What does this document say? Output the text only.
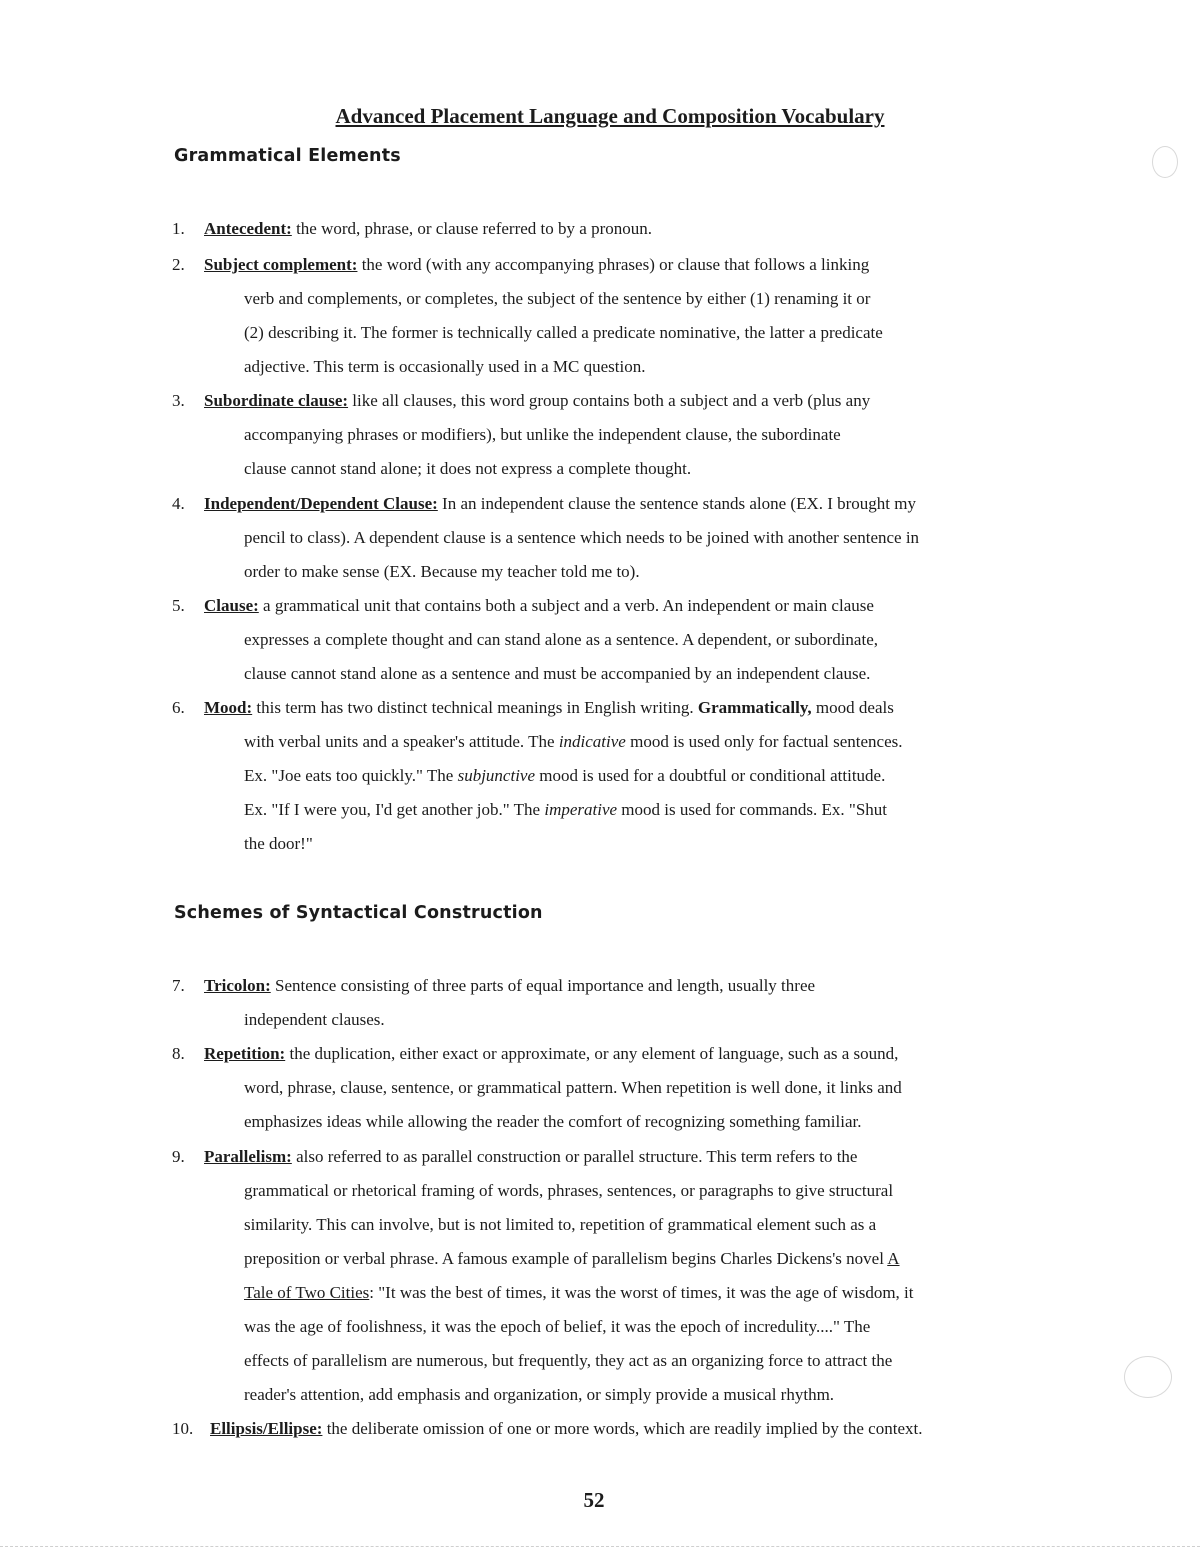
Advanced Placement Language and Composition Vocabulary
Grammatical Elements
1.	Antecedent: the word, phrase, or clause referred to by a pronoun.
2.	Subject complement: the word (with any accompanying phrases) or clause that follows a linking
verb and complements, or completes, the subject of the sentence by either (1) renaming it or
(2) describing it. The former is technically called a predicate nominative, the latter a predicate
adjective. This term is occasionally used in a MC question.
3.	Subordinate clause: like all clauses, this word group contains both a subject and a verb (plus any
accompanying phrases or modifiers), but unlike the independent clause, the subordinate
clause cannot stand alone; it does not express a complete thought.
4.	Independent/Dependent Clause: In an independent clause the sentence stands alone (EX. I brought my
pencil to class). A dependent clause is a sentence which needs to be joined with another sentence in
order to make sense (EX. Because my teacher told me to).
5.	Clause: a grammatical unit that contains both a subject and a verb. An independent or main clause
expresses a complete thought and can stand alone as a sentence. A dependent, or subordinate,
clause cannot stand alone as a sentence and must be accompanied by an independent clause.
6.	Mood: this term has two distinct technical meanings in English writing. Grammatically, mood deals
with verbal units and a speaker's attitude. The indicative mood is used only for factual sentences.
Ex. "Joe eats too quickly." The subjunctive mood is used for a doubtful or conditional attitude.
Ex. "If I were you, I'd get another job." The imperative mood is used for commands. Ex. "Shut
the door!"
Schemes of Syntactical Construction
7.	Tricolon: Sentence consisting of three parts of equal importance and length, usually three
independent clauses.
8.	Repetition: the duplication, either exact or approximate, or any element of language, such as a sound,
word, phrase, clause, sentence, or grammatical pattern. When repetition is well done, it links and
emphasizes ideas while allowing the reader the comfort of recognizing something familiar.
9.	Parallelism: also referred to as parallel construction or parallel structure. This term refers to the
grammatical or rhetorical framing of words, phrases, sentences, or paragraphs to give structural
similarity. This can involve, but is not limited to, repetition of grammatical element such as a
preposition or verbal phrase. A famous example of parallelism begins Charles Dickens's novel A
Tale of Two Cities: "It was the best of times, it was the worst of times, it was the age of wisdom, it
was the age of foolishness, it was the epoch of belief, it was the epoch of incredulity...." The
effects of parallelism are numerous, but frequently, they act as an organizing force to attract the
reader's attention, add emphasis and organization, or simply provide a musical rhythm.
10. Ellipsis/Ellipse: the deliberate omission of one or more words, which are readily implied by the context.
52
